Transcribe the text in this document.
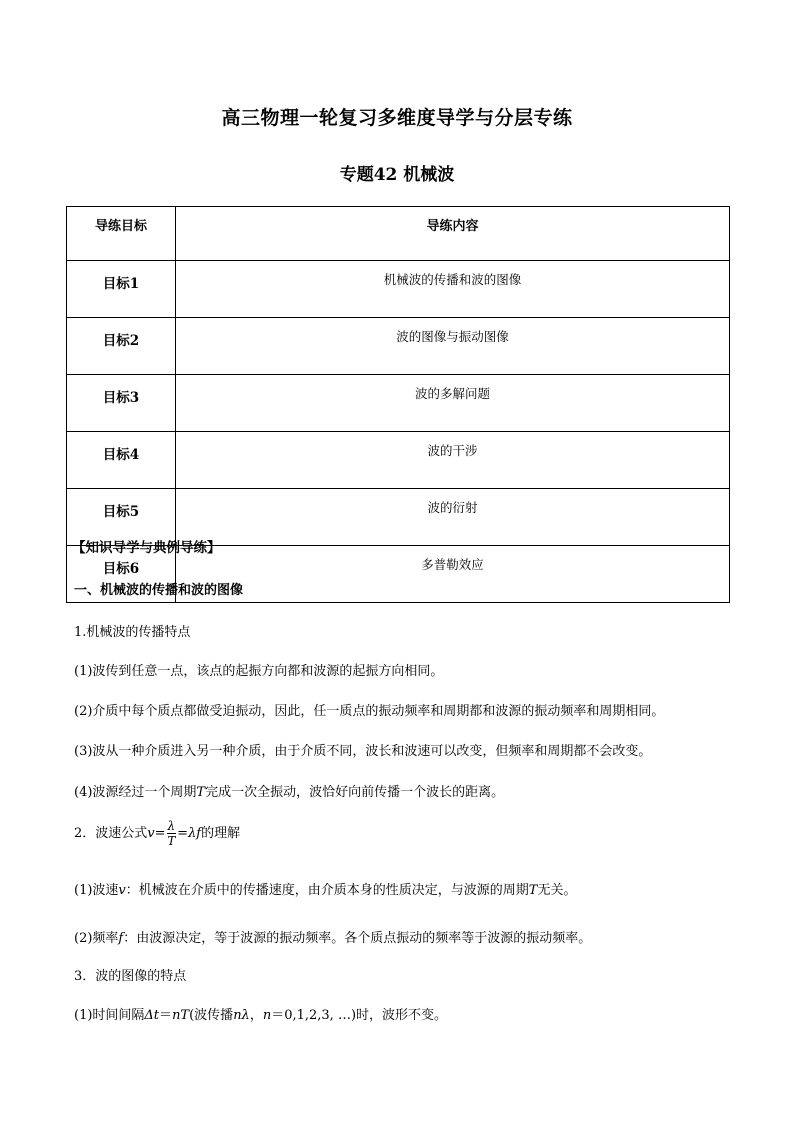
高三物理一轮复习多维度导学与分层专练
专题42 机械波
导练目标	导练内容
目标1	机械波的传播和波的图像
目标2	波的图像与振动图像
目标3	波的多解问题
目标4	波的干涉
目标5	波的衍射
目标6	多普勒效应
【知识导学与典例导练】
一、机械波的传播和波的图像
1.机械波的传播特点
(1)波传到任意一点，该点的起振方向都和波源的起振方向相同。
(2)介质中每个质点都做受迫振动，因此，任一质点的振动频率和周期都和波源的振动频率和周期相同。
(3)波从一种介质进入另一种介质，由于介质不同，波长和波速可以改变，但频率和周期都不会改变。
(4)波源经过一个周期T完成一次全振动，波恰好向前传播一个波长的距离。
2．波速公式$v= \frac{\lambda}{T} =\lambda f$的理解
(1)波速v：机械波在介质中的传播速度，由介质本身的性质决定，与波源的周期T无关。
(2)频率f：由波源决定，等于波源的振动频率。各个质点振动的频率等于波源的振动频率。
3．波的图像的特点
(1)时间间隔Δt＝nT(波传播nλ，n＝0,1,2,3, …)时，波形不变。
